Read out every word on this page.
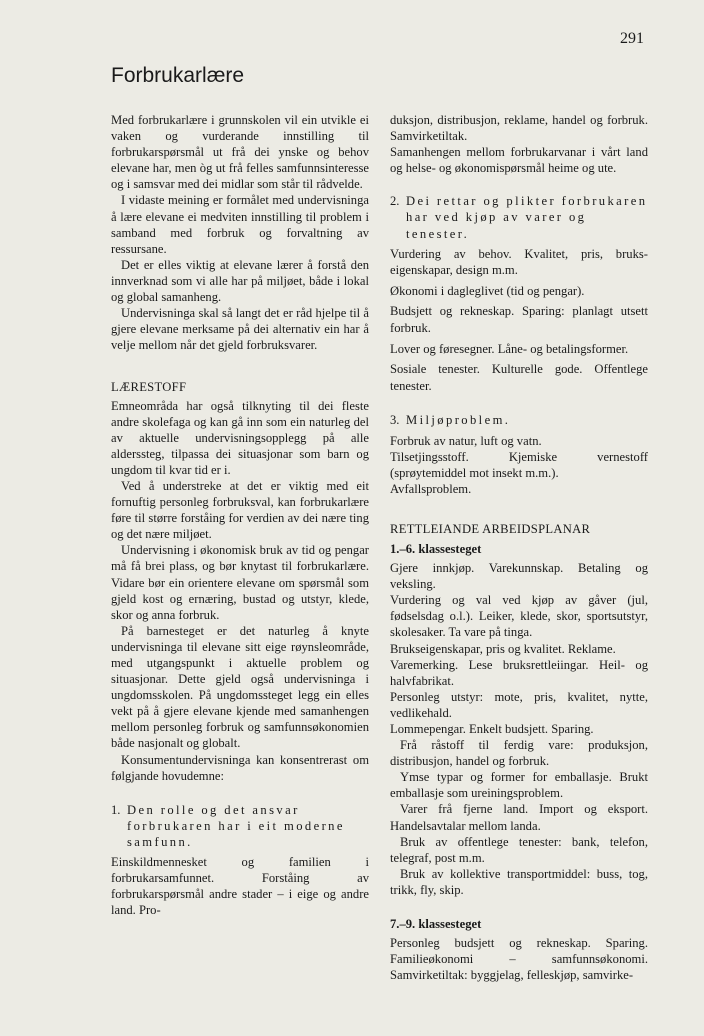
291
Forbrukarlære

Med forbrukarlære i grunnskolen vil ein utvikle ei vaken og vurderande innstilling til forbrukarspørsmål ut frå dei ynske og behov elevane har, men òg ut frå felles samfunnsinteresse og i samsvar med dei midlar som står til rådvelde.

I vidaste meining er formålet med undervisninga å lære elevane ei medviten innstilling til problem i samband med forbruk og forvaltning av ressursane.

Det er elles viktig at elevane lærer å forstå den innverknad som vi alle har på miljøet, både i lokal og global samanheng.

Undervisninga skal så langt det er råd hjelpe til å gjere elevane merksame på dei alternativ ein har å velje mellom når det gjeld forbruksvarer.

LÆRESTOFF

Emneområda har også tilknyting til dei fleste andre skolefaga og kan gå inn som ein naturleg del av aktuelle undervisningsopplegg på alle alderssteg, tilpassa dei situasjonar som barn og ungdom til kvar tid er i.

Ved å understreke at det er viktig med eit fornuftig personleg forbruksval, kan forbrukarlære føre til større forståing for verdien av dei nære ting og det nære miljøet.

Undervisning i økonomisk bruk av tid og pengar må få brei plass, og bør knytast til forbrukarlære. Vidare bør ein orientere elevane om spørsmål som gjeld kost og ernæring, bustad og utstyr, klede, skor og anna forbruk.

På barnesteget er det naturleg å knyte undervisninga til elevane sitt eige røynsleområde, med utgangspunkt i aktuelle problem og situasjonar. Dette gjeld også undervisninga i ungdomsskolen. På ungdomssteget legg ein elles vekt på å gjere elevane kjende med samanhengen mellom personleg forbruk og samfunnsøkonomien både nasjonalt og globalt.

Konsumentundervisninga kan konsentrerast om følgjande hovudemne:

1. Den rolle og det ansvar forbrukaren har i eit moderne samfunn.

Einskildmennesket og familien i forbrukarsamfunnet. Forståing av forbrukarspørsmål andre stader – i eige og andre land. Pro-

duksjon, distribusjon, reklame, handel og forbruk. Samvirketiltak.

Samanhengen mellom forbrukarvanar i vårt land og helse- og økonomispørsmål heime og ute.

2. Dei rettar og plikter forbrukaren har ved kjøp av varer og tenester.

Vurdering av behov. Kvalitet, pris, brukseigenskapar, design m.m.

Økonomi i dagleglivet (tid og pengar).

Budsjett og rekneskap. Sparing: planlagt utsett forbruk.

Lover og føresegner. Låne- og betalingsformer.

Sosiale tenester. Kulturelle gode. Offentlege tenester.

3. Miljøproblem.

Forbruk av natur, luft og vatn.

Tilsetjingsstoff. Kjemiske vernestoff (sprøytemiddel mot insekt m.m.).

Avfallsproblem.

RETTLEIANDE ARBEIDSPLANAR
1.–6. klassesteget

Gjere innkjøp. Varekunnskap. Betaling og veksling.

Vurdering og val ved kjøp av gåver (jul, fødselsdag o.l.). Leiker, klede, skor, sportsutstyr, skolesaker. Ta vare på tinga.

Brukseigenskapar, pris og kvalitet. Reklame.

Varemerking. Lese bruksrettleiingar. Heil- og halvfabrikat.

Personleg utstyr: mote, pris, kvalitet, nytte, vedlikehald.

Lommepengar. Enkelt budsjett. Sparing.

Frå råstoff til ferdig vare: produksjon, distribusjon, handel og forbruk.

Ymse typar og former for emballasje. Brukt emballasje som ureiningsproblem.

Varer frå fjerne land. Import og eksport. Handelsavtalar mellom landa.

Bruk av offentlege tenester: bank, telefon, telegraf, post m.m.

Bruk av kollektive transportmiddel: buss, tog, trikk, fly, skip.

7.–9. klassesteget

Personleg budsjett og rekneskap. Sparing. Familieøkonomi – samfunnsøkonomi. Samvirketiltak: byggjelag, felleskjøp, samvirke-
